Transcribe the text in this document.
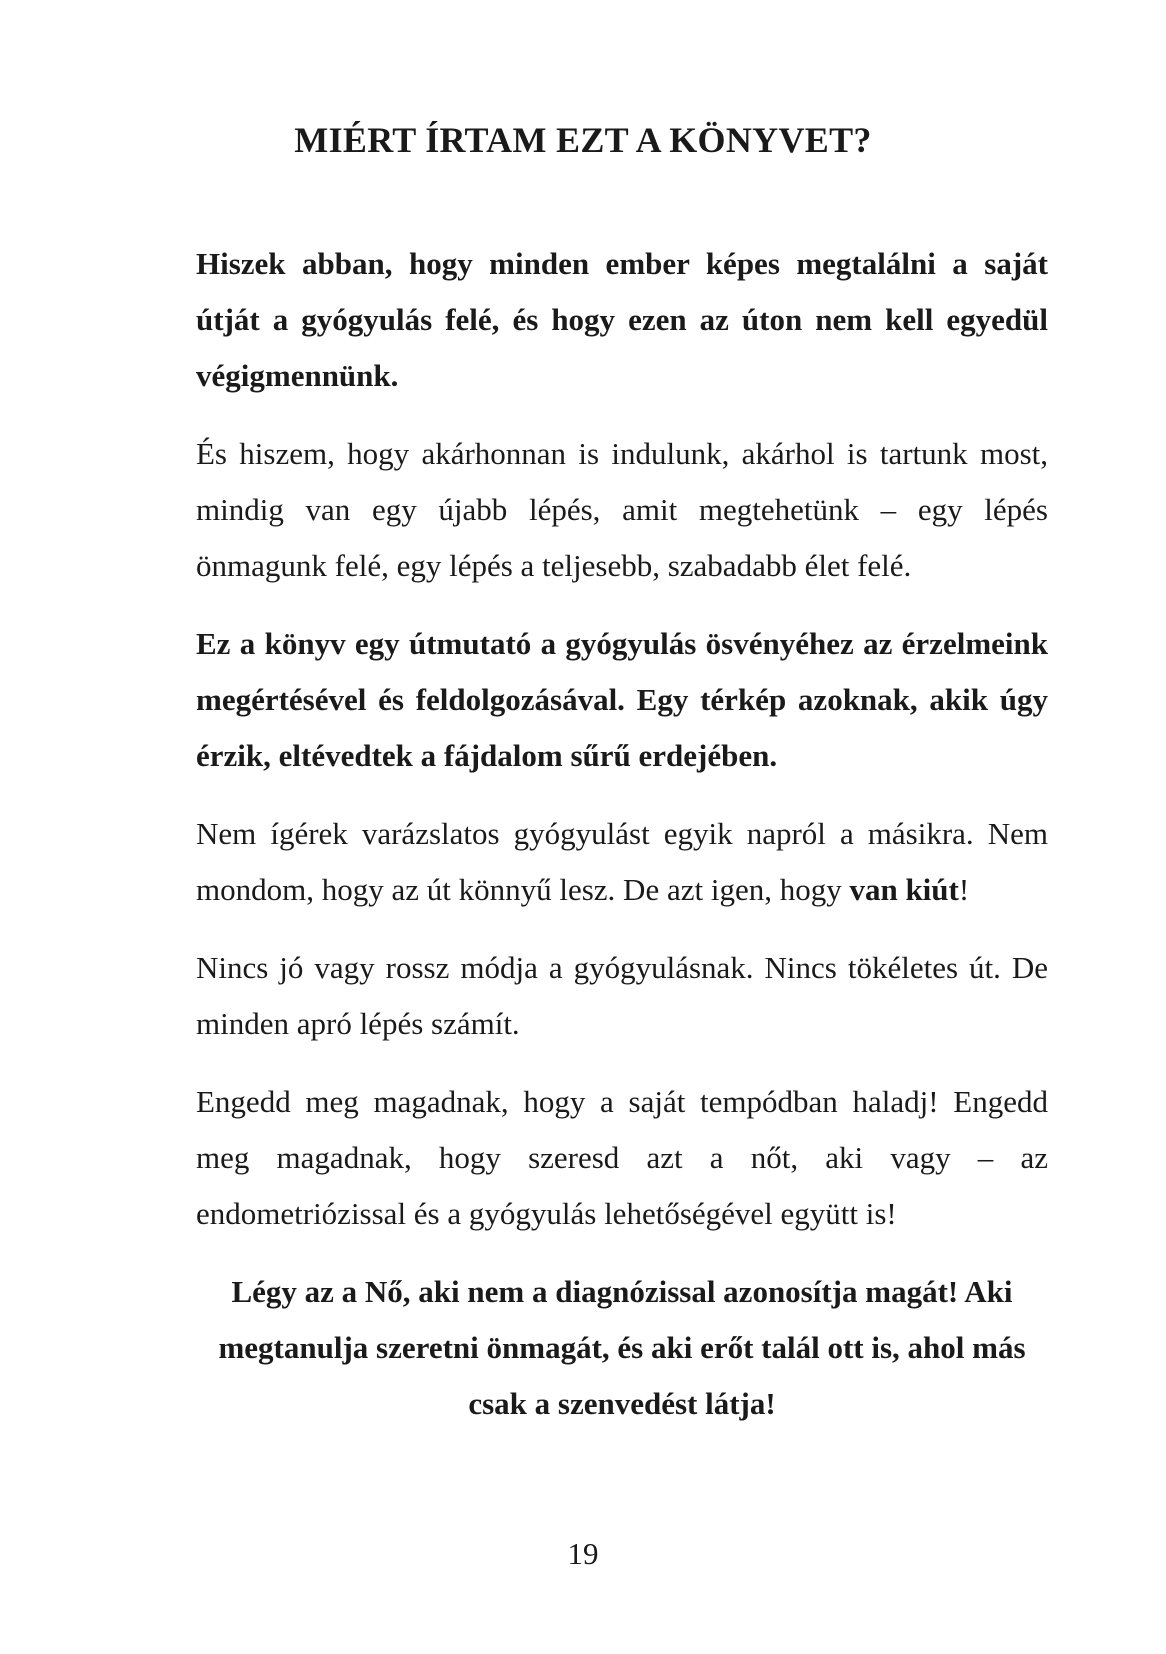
MIÉRT ÍRTAM EZT A KÖNYVET?

Hiszek abban, hogy minden ember képes megtalálni a saját útját a gyógyulás felé, és hogy ezen az úton nem kell egyedül végigmennünk.

És hiszem, hogy akárhonnan is indulunk, akárhol is tartunk most, mindig van egy újabb lépés, amit megtehetünk – egy lépés önmagunk felé, egy lépés a teljesebb, szabadabb élet felé.

Ez a könyv egy útmutató a gyógyulás ösvényéhez az érzelmeink megértésével és feldolgozásával. Egy térkép azoknak, akik úgy érzik, eltévedtek a fájdalom sűrű erdejében.

Nem ígérek varázslatos gyógyulást egyik napról a másikra. Nem mondom, hogy az út könnyű lesz. De azt igen, hogy van kiút!

Nincs jó vagy rossz módja a gyógyulásnak. Nincs tökéletes út. De minden apró lépés számít.

Engedd meg magadnak, hogy a saját tempódban haladj! Engedd meg magadnak, hogy szeresd azt a nőt, aki vagy – az endometriózissal és a gyógyulás lehetőségével együtt is!

Légy az a Nő, aki nem a diagnózissal azonosítja magát! Aki megtanulja szeretni önmagát, és aki erőt talál ott is, ahol más csak a szenvedést látja!

19
